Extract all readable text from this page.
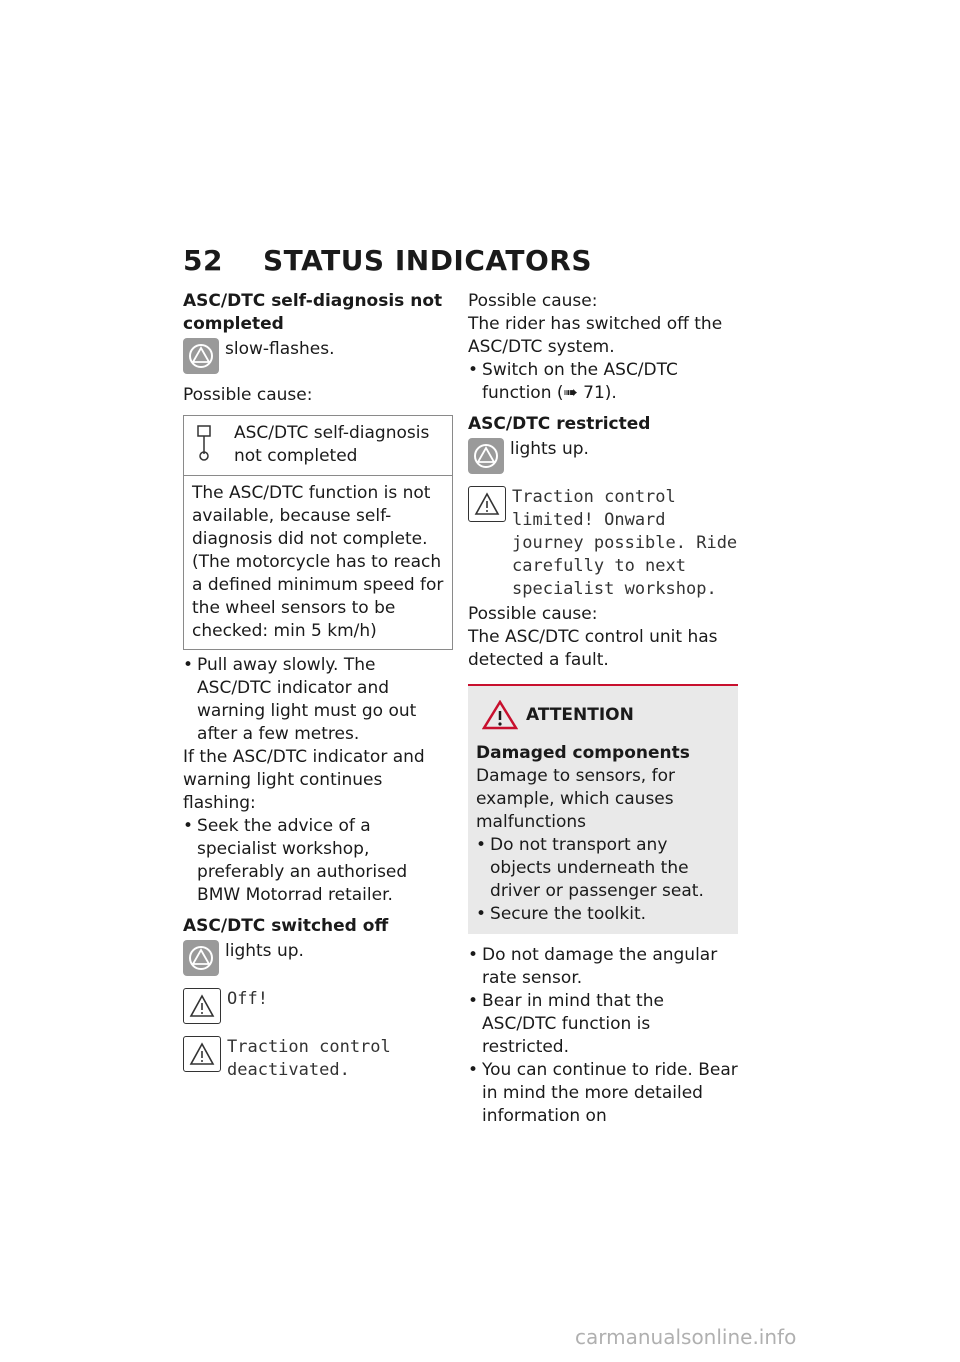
52	STATUS INDICATORS
ASC/DTC self-diagnosis not completed
slow-flashes.

Possible cause:

ASC/DTC self-diagnosis not completed
The ASC/DTC function is not available, because self-diagnosis did not complete. (The motorcycle has to reach a defined minimum speed for the wheel sensors to be checked: min 5 km/h)
• Pull away slowly. The ASC/DTC indicator and warning light must go out after a few metres.

If the ASC/DTC indicator and warning light continues flashing:

• Seek the advice of a specialist workshop, preferably an authorised BMW Motorrad retailer.
ASC/DTC switched off
lights up.
Off!
Traction control deactivated.

Possible cause:

The rider has switched off the ASC/DTC system.

• Switch on the ASC/DTC function (➠ 71).
ASC/DTC restricted
lights up.
Traction control limited! Onward journey possible. Ride carefully to next specialist workshop.

Possible cause:

The ASC/DTC control unit has detected a fault.

ATTENTION
Damaged components

Damage to sensors, for example, which causes malfunctions

• Do not transport any objects underneath the driver or passenger seat.
• Secure the toolkit.
• Do not damage the angular rate sensor.
• Bear in mind that the ASC/DTC function is restricted.
• You can continue to ride. Bear in mind the more detailed information on
carmanualsonline.info
